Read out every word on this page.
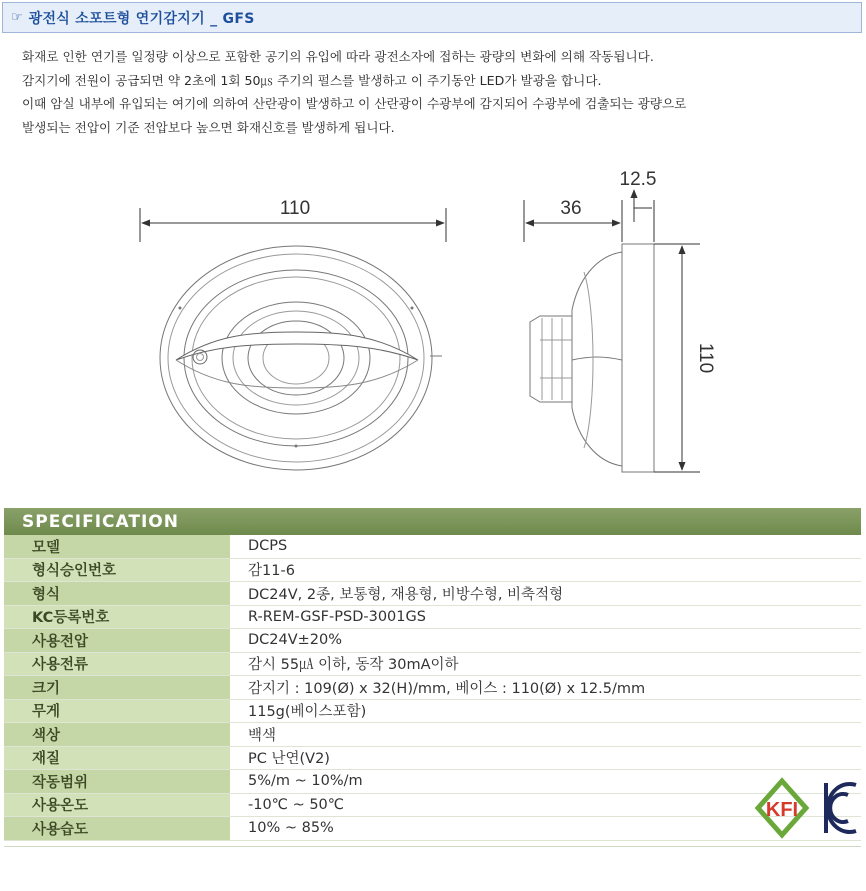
☞ 광전식 소포트형 연기감지기 _ GFS

화재로 인한 연기를 일정량 이상으로 포함한 공기의 유입에 따라 광전소자에 접하는 광량의 변화에 의해 작동됩니다.

감지기에 전원이 공급되면 약 2초에 1회 50㎲ 주기의 펄스를 발생하고 이 주기동안 LED가 발광을 합니다.

이때 암실 내부에 유입되는 여기에 의하여 산란광이 발생하고 이 산란광이 수광부에 감지되어 수광부에 검출되는 광량으로

발생되는 전압이 기준 전압보다 높으면 화재신호를 발생하게 됩니다.

110	36
12.5
110
SPECIFICATION
모델	DCPS
형식승인번호	감11-6
형식	DC24V, 2종, 보통형, 재용형, 비방수형, 비축적형
KC등록번호	R-REM-GSF-PSD-3001GS
사용전압	DC24V±20%
사용전류	감시 55㎂ 이하, 동작 30mA이하
크기	감지기 : 109(Ø) x 32(H)/mm, 베이스 : 110(Ø) x 12.5/mm
무게	115g(베이스포함)
색상	백색
재질	PC 난연(V2)
작동범위	5%/m ~ 10%/m
사용온도	-10℃ ~ 50℃
사용습도	10% ~ 85%
KFI
